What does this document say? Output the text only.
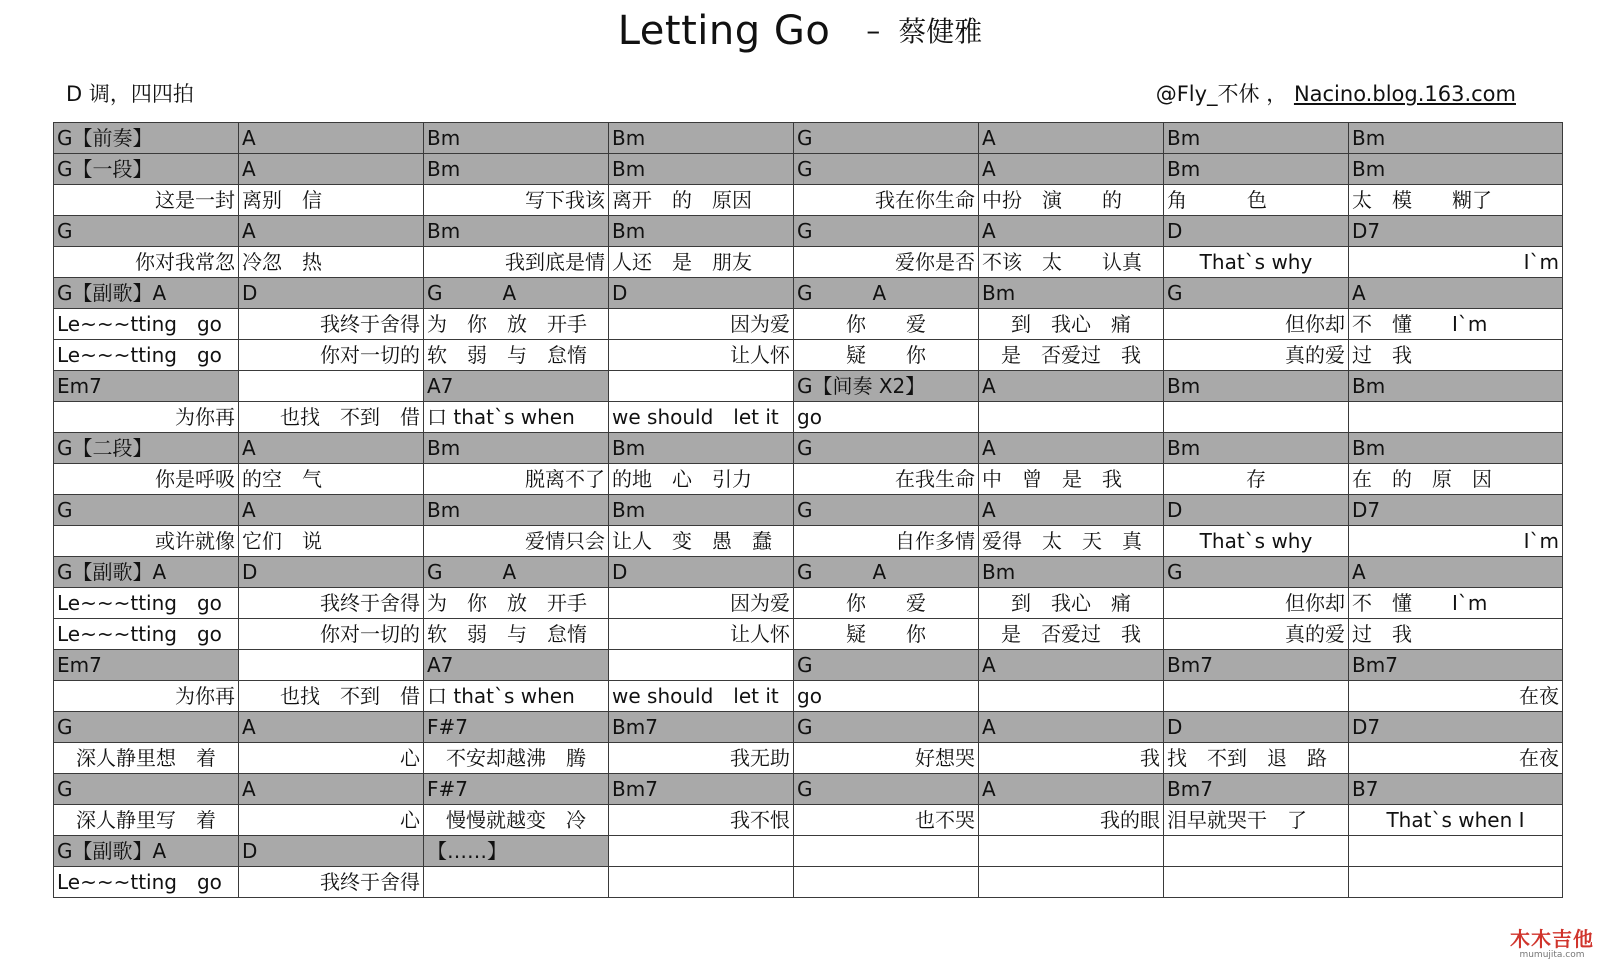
Letting Go – 蔡健雅
D 调，四四拍	@Fly_不休 ， Nacino.blog.163.com
G【前奏】	A	Bm	Bm	G	A	Bm	Bm
G【一段】	A	Bm	Bm	G	A	Bm	Bm
这是一封	离别　信	写下我该	离开　的　原因	我在你生命	中扮　演　　的	角　　　色	太　模　　糊了
G	A	Bm	Bm	G	A	D	D7
你对我常忽	冷忽　热	我到底是情	人还　是　朋友	爱你是否	不该　太　　认真	That`s why	I`m
G【副歌】A	D	G　　　A	D	G　　　A	Bm	G	A
Le~~~tting　go	我终于舍得	为　你　放　开手	因为爱	你　　爱	到　我心　痛	但你却	不　懂　　I`m
Le~~~tting　go	你对一切的	软　弱　与　怠惰	让人怀	疑　　你	是　否爱过　我	真的爱	过　我
Em7		A7		G【间奏 X2】	A	Bm	Bm
为你再	也找　不到　借	口 that`s when	we should　let it	go			
G【二段】	A	Bm	Bm	G	A	Bm	Bm
你是呼吸	的空　气	脱离不了	的地　心　引力	在我生命	中　曾　是　我	存	在　的　原　因
G	A	Bm	Bm	G	A	D	D7
或许就像	它们　说	爱情只会	让人　变　愚　蠢	自作多情	爱得　太　天　真	That`s why	I`m
G【副歌】A	D	G　　　A	D	G　　　A	Bm	G	A
Le~~~tting　go	我终于舍得	为　你　放　开手	因为爱	你　　爱	到　我心　痛	但你却	不　懂　　I`m
Le~~~tting　go	你对一切的	软　弱　与　怠惰	让人怀	疑　　你	是　否爱过　我	真的爱	过　我
Em7		A7		G	A	Bm7	Bm7
为你再	也找　不到　借	口 that`s when	we should　let it	go			在夜
G	A	F#7	Bm7	G	A	D	D7
深人静里想　着	心	不安却越沸　腾	我无助	好想哭	我	找　不到　退　路	在夜
G	A	F#7	Bm7	G	A	Bm7	B7
深人静里写　着	心	慢慢就越变　冷	我不恨	也不哭	我的眼	泪早就哭干　了	That`s when I
G【副歌】A	D	【……】					
Le~~~tting　go	我终于舍得						
木木吉他
mumujita.com
